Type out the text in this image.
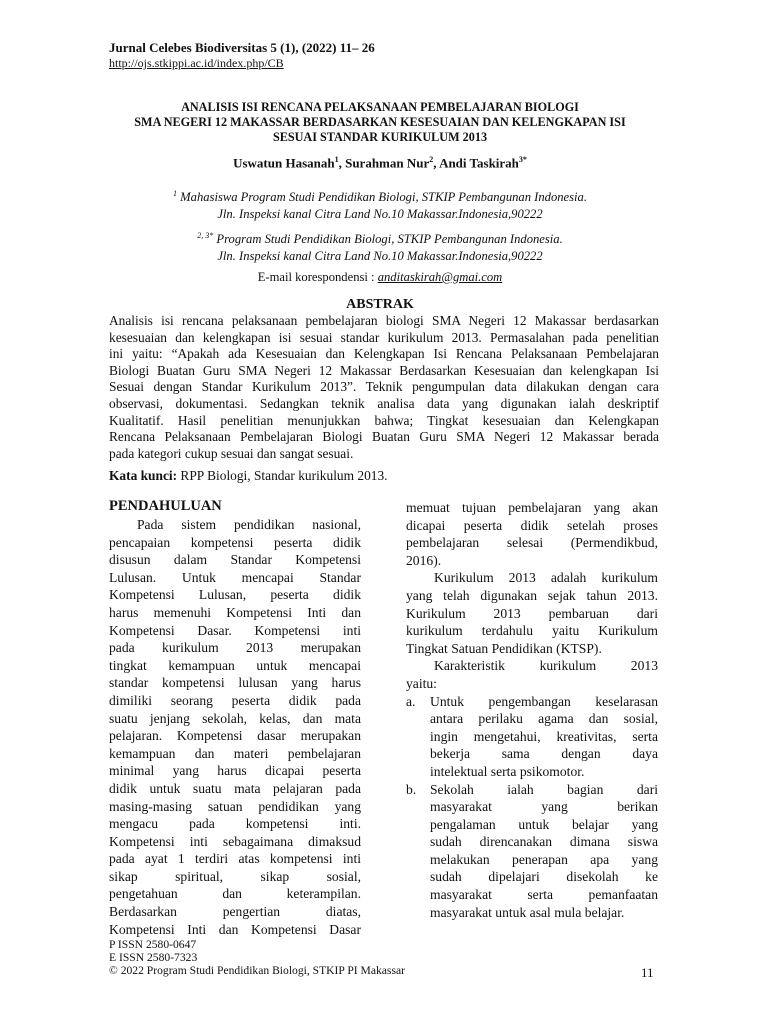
Jurnal Celebes Biodiversitas 5 (1), (2022) 11– 26
http://ojs.stkippi.ac.id/index.php/CB
ANALISIS ISI RENCANA PELAKSANAAN PEMBELAJARAN BIOLOGI
SMA NEGERI 12 MAKASSAR BERDASARKAN KESESUAIAN DAN KELENGKAPAN ISI
SESUAI STANDAR KURIKULUM 2013
Uswatun Hasanah$^1$, Surahman Nur$^2$, Andi Taskirah$^{3*}$
$^1$ Mahasiswa Program Studi Pendidikan Biologi, STKIP Pembangunan Indonesia.
Jln. Inspeksi kanal Citra Land No.10 Makassar.Indonesia,90222
$^{2, 3*}$ Program Studi Pendidikan Biologi, STKIP Pembangunan Indonesia.
Jln. Inspeksi kanal Citra Land No.10 Makassar.Indonesia,90222
E-mail korespondensi : anditaskirah@gmai.com
ABSTRAK
Analisis isi rencana pelaksanaan pembelajaran biologi SMA Negeri 12 Makassar berdasarkan
kesesuaian dan kelengkapan isi sesuai standar kurikulum 2013. Permasalahan pada penelitian
ini yaitu: “Apakah ada Kesesuaian dan Kelengkapan Isi Rencana Pelaksanaan Pembelajaran
Biologi Buatan Guru SMA Negeri 12 Makassar Berdasarkan Kesesuaian dan kelengkapan Isi
Sesuai dengan Standar Kurikulum 2013”. Teknik pengumpulan data dilakukan dengan cara
observasi, dokumentasi. Sedangkan teknik analisa data yang digunakan ialah deskriptif
Kualitatif. Hasil penelitian menunjukkan bahwa; Tingkat kesesuaian dan Kelengkapan
Rencana Pelaksanaan Pembelajaran Biologi Buatan Guru SMA Negeri 12 Makassar berada
pada kategori cukup sesuai dan sangat sesuai.
Kata kunci: RPP Biologi, Standar kurikulum 2013.
PENDAHULUAN
Pada sistem pendidikan nasional,
pencapaian kompetensi peserta didik
disusun dalam Standar Kompetensi
Lulusan. Untuk mencapai Standar
Kompetensi Lulusan, peserta didik
harus memenuhi Kompetensi Inti dan
Kompetensi Dasar. Kompetensi inti
pada kurikulum 2013 merupakan
tingkat kemampuan untuk mencapai
standar kompetensi lulusan yang harus
dimiliki seorang peserta didik pada
suatu jenjang sekolah, kelas, dan mata
pelajaran. Kompetensi dasar merupakan
kemampuan dan materi pembelajaran
minimal yang harus dicapai peserta
didik untuk suatu mata pelajaran pada
masing-masing satuan pendidikan yang
mengacu pada kompetensi inti.
Kompetensi inti sebagaimana dimaksud
pada ayat 1 terdiri atas kompetensi inti
sikap spiritual, sikap sosial,
pengetahuan dan keterampilan.
Berdasarkan pengertian diatas,
Kompetensi Inti dan Kompetensi Dasar
memuat tujuan pembelajaran yang akan
dicapai peserta didik setelah proses
pembelajaran selesai (Permendikbud,
2016).
Kurikulum 2013 adalah kurikulum
yang telah digunakan sejak tahun 2013.
Kurikulum 2013 pembaruan dari
kurikulum terdahulu yaitu Kurikulum
Tingkat Satuan Pendidikan (KTSP).
Karakteristik kurikulum 2013
yaitu:
a. Untuk pengembangan keselarasan
antara perilaku agama dan sosial,
ingin mengetahui, kreativitas, serta
bekerja sama dengan daya
intelektual serta psikomotor.
b. Sekolah ialah bagian dari
masyarakat yang berikan
pengalaman untuk belajar yang
sudah direncanakan dimana siswa
melakukan penerapan apa yang
sudah dipelajari disekolah ke
masyarakat serta pemanfaatan
masyarakat untuk asal mula belajar.
P ISSN 2580-0647
E ISSN 2580-7323
© 2022 Program Studi Pendidikan Biologi, STKIP PI Makassar	11
